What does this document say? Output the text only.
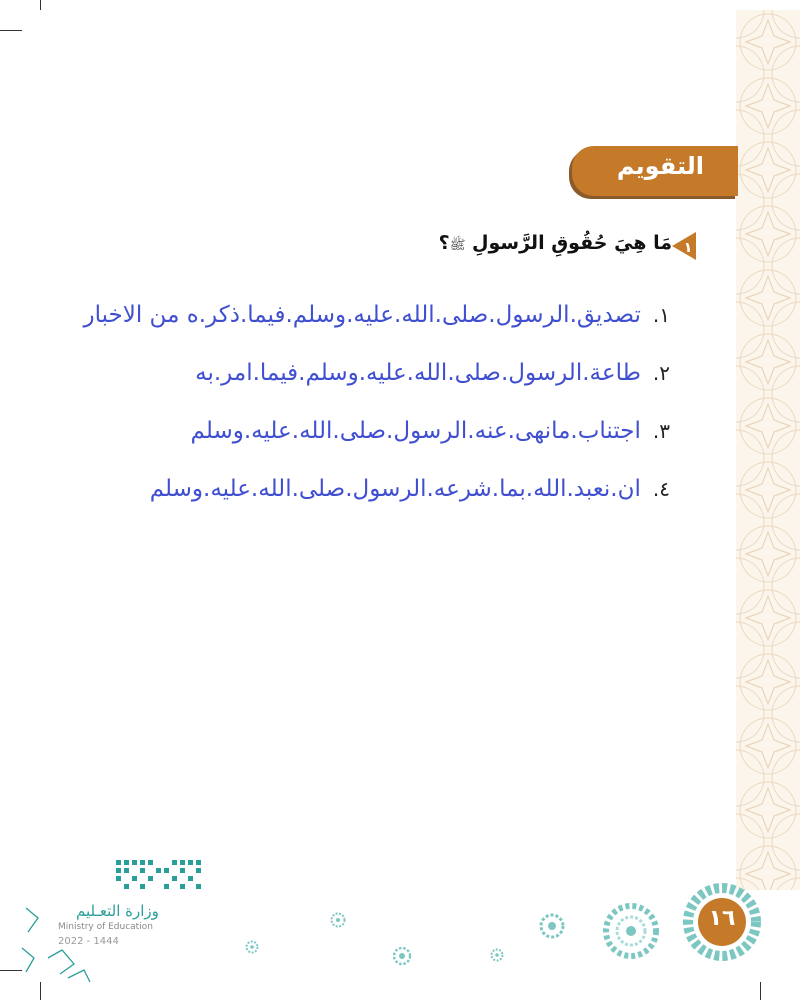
التقويم
١
مَا هِيَ حُقُوقِ الرَّسولِ ﷺ؟
١.
تصديق.الرسول.صلى.الله.عليه.وسلم.فيما.ذكر.ه من الاخبار
٢.
طاعة.الرسول.صلى.الله.عليه.وسلم.فيما.امر.به
٣.
اجتناب.مانهى.عنه.الرسول.صلى.الله.عليه.وسلم
٤.
ان.نعبد.الله.بما.شرعه.الرسول.صلى.الله.عليه.وسلم
وزارة التعـليم
Ministry of Education
2022 - 1444
١٦
